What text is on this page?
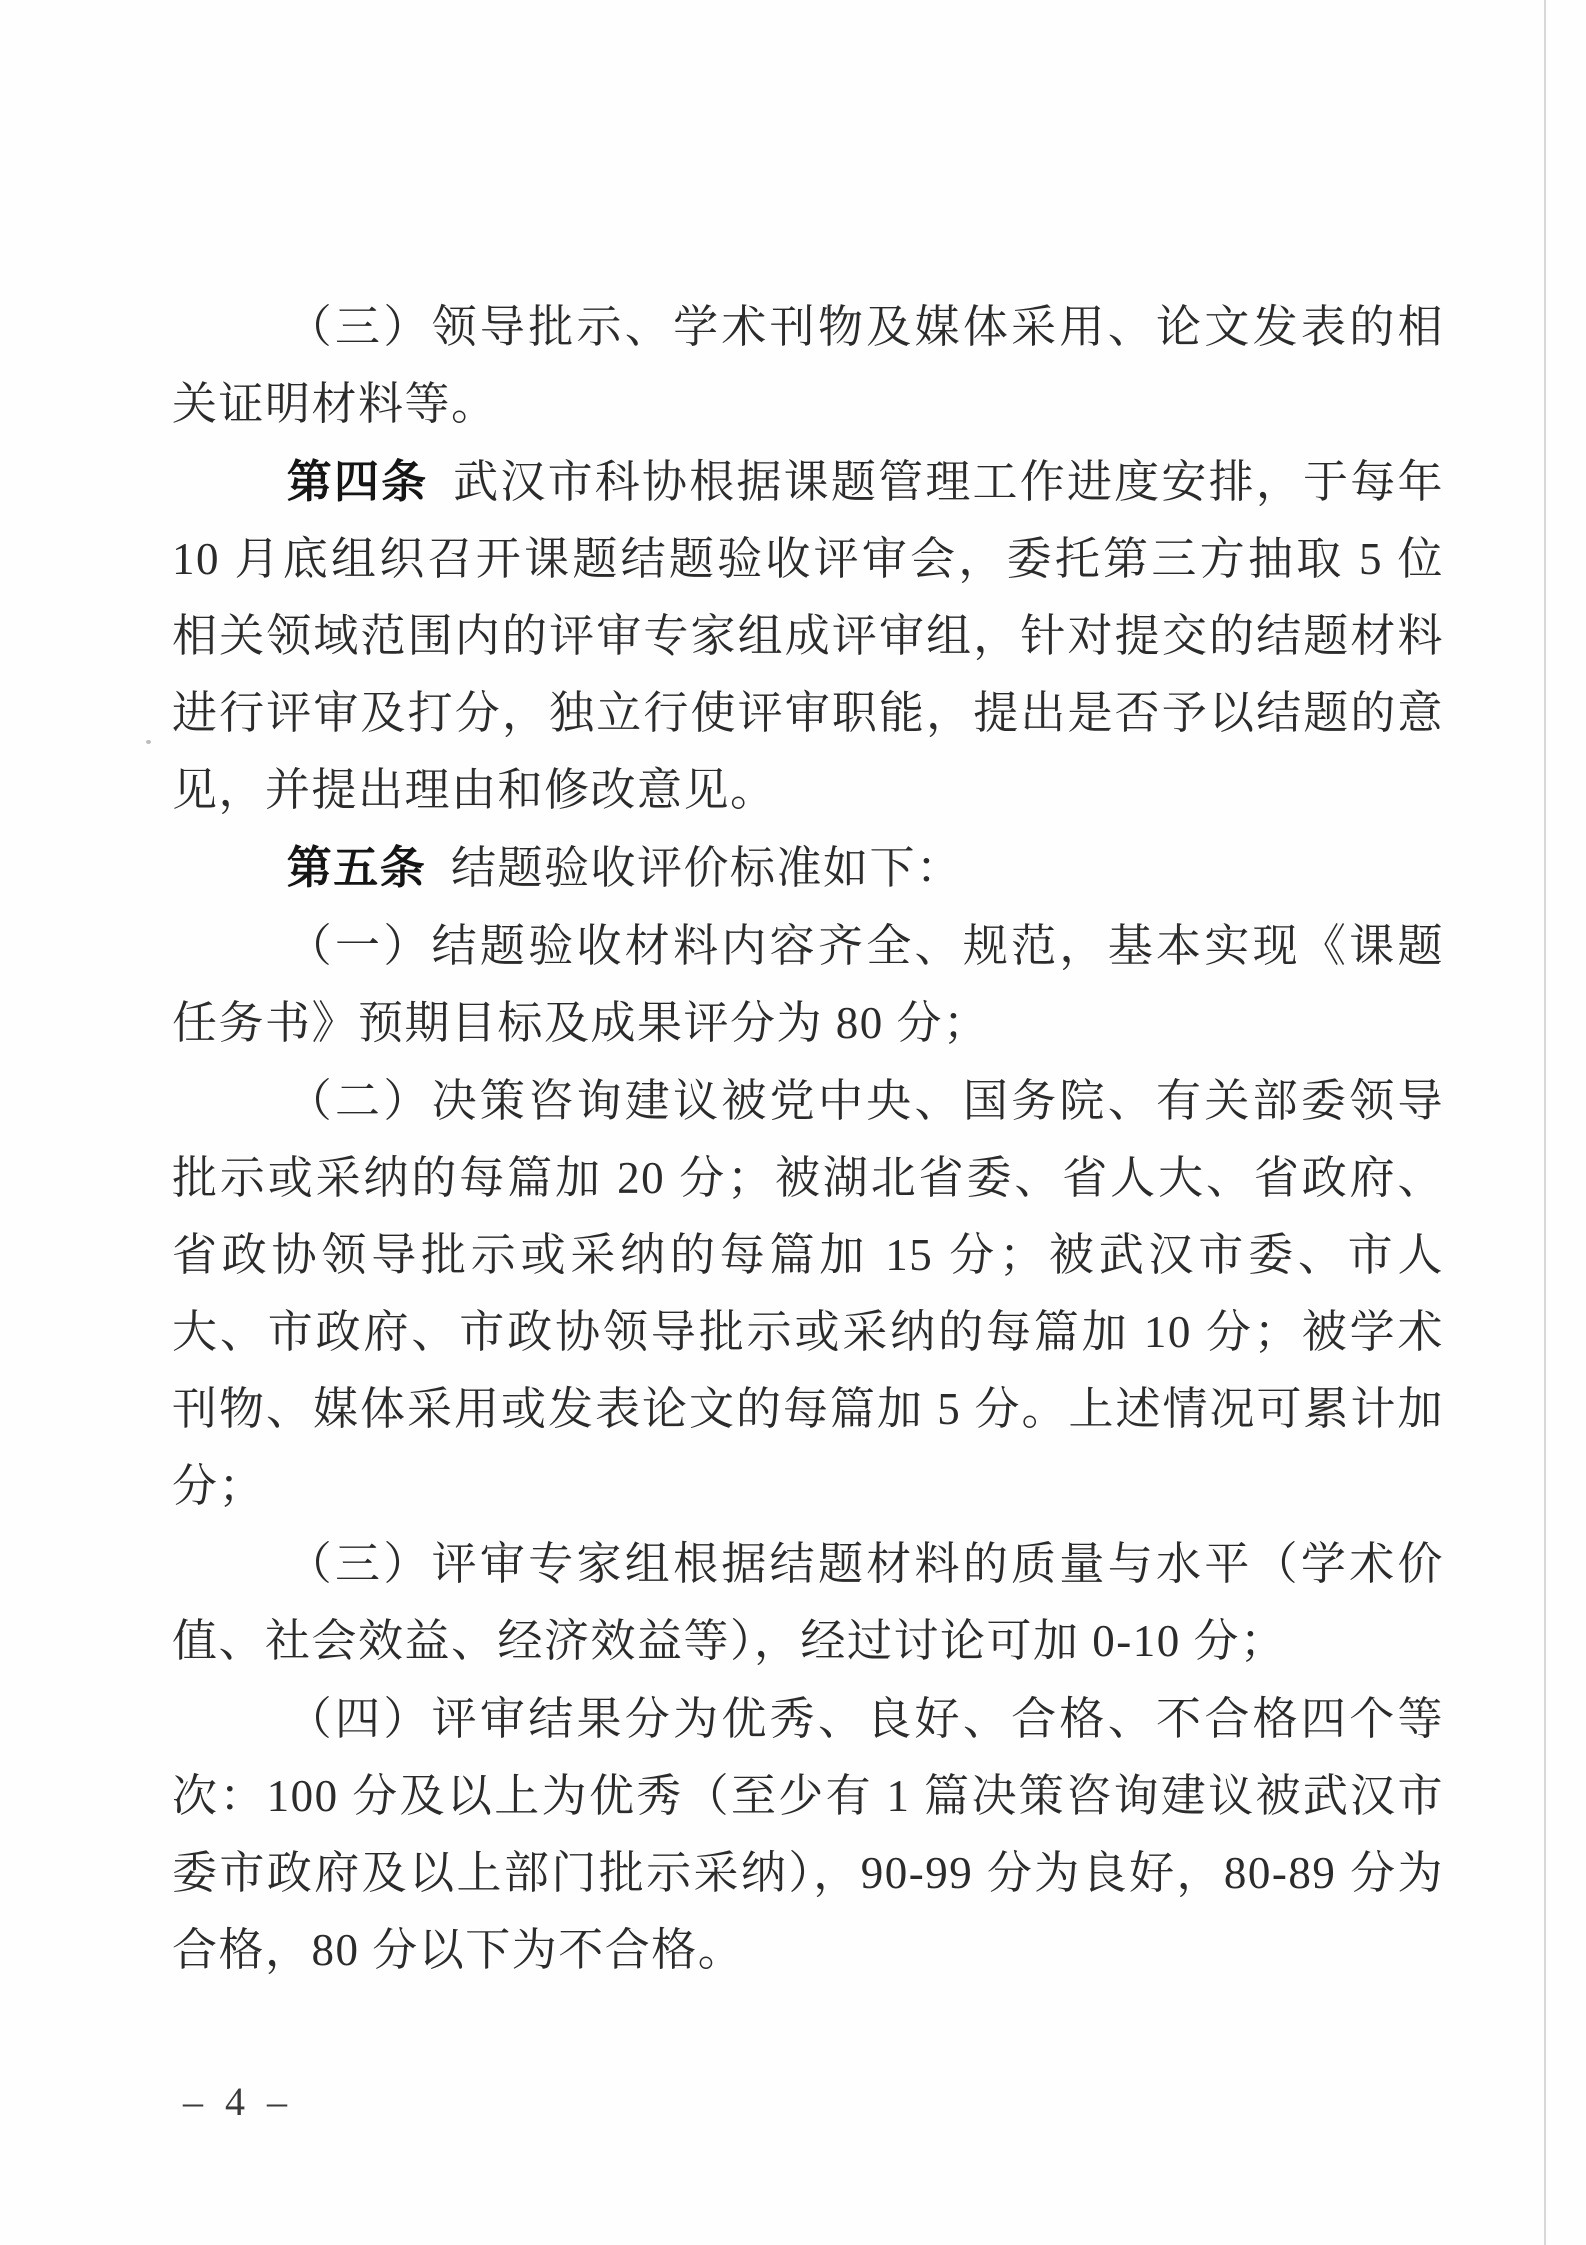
（三）领导批示、学术刊物及媒体采用、论文发表的相关证明材料等。

第四条 武汉市科协根据课题管理工作进度安排，于每年 10 月底组织召开课题结题验收评审会，委托第三方抽取 5 位相关领域范围内的评审专家组成评审组，针对提交的结题材料进行评审及打分，独立行使评审职能，提出是否予以结题的意见，并提出理由和修改意见。

第五条 结题验收评价标准如下：

（一）结题验收材料内容齐全、规范，基本实现《课题任务书》预期目标及成果评分为 80 分；

（二）决策咨询建议被党中央、国务院、有关部委领导批示或采纳的每篇加 20 分；被湖北省委、省人大、省政府、省政协领导批示或采纳的每篇加 15 分；被武汉市委、市人大、市政府、市政协领导批示或采纳的每篇加 10 分；被学术刊物、媒体采用或发表论文的每篇加 5 分。上述情况可累计加分；

（三）评审专家组根据结题材料的质量与水平（学术价值、社会效益、经济效益等），经过讨论可加 0-10 分；

（四）评审结果分为优秀、良好、合格、不合格四个等次：100 分及以上为优秀（至少有 1 篇决策咨询建议被武汉市委市政府及以上部门批示采纳），90-99 分为良好，80-89 分为合格，80 分以下为不合格。

– 4 –
